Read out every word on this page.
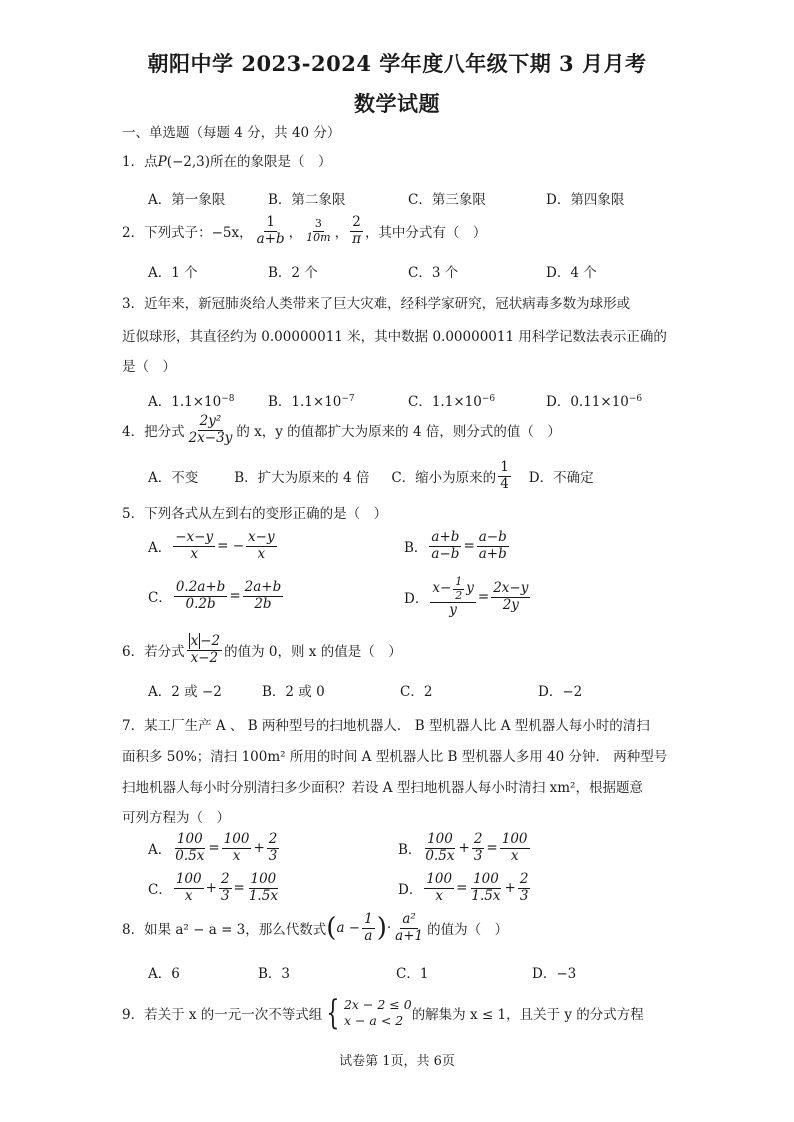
朝阳中学 2023-2024 学年度八年级下期 3 月月考
数学试题
一、单选题（每题 4 分，共 40 分）
1．点P(−2,3)所在的象限是（　）
A．第一象限	B．第二象限	C．第三象限	D．第四象限
2．下列式子：−5x， $\frac{1}{a+b}$ ， $\frac{3}{10m}$ ， $\frac{2}{\pi}$ ，其中分式有（　）
A．1 个	B．2 个	C．3 个	D．4 个
3．近年来，新冠肺炎给人类带来了巨大灾难，经科学家研究，冠状病毒多数为球形或
近似球形，其直径约为 0.00000011 米，其中数据 0.00000011 用科学记数法表示正确的
是（　）
A．$1.1\times 10^{-8}$ B．$1.1\times 10^{-7}$	C．$1.1\times 10^{-6}$	D．$0.11\times 10^{-6}$
4．把分式 $\frac{\text{2y²}}{2x-3y}$ 的 x，y 的值都扩大为原来的 4 倍，则分式的值（　）
A．不变	B．扩大为原来的 4 倍 C．缩小为原来的 $\frac{1}{4}$ D．不确定
5．下列各式从左到右的变形正确的是（　）
A． $\frac{-x-y}{x}$ = − $\frac{x-y}{x}$	B． $\frac{a+b}{a-b} = \frac{a-b}{a+b}$
C． $\frac{0.2a+b}{0.2b} = \frac{2a+b}{2b}$	D． $\frac{x- \frac{1}{2} y}{y} = \frac{2x-y}{2y}$
6．若分式 $\frac{x -2}{x-2}$ 的值为 0，则 x 的值是（　）
A．2 或 −2	B．2 或 0	C．2	D．−2
7．某工厂生产 A 、 B 两种型号的扫地机器人． B 型机器人比 A 型机器人每小时的清扫
面积多 50%；清扫 100m² 所用的时间 A 型机器人比 B 型机器人多用 40 分钟． 两种型号
扫地机器人每小时分别清扫多少面积？若设 A 型扫地机器人每小时清扫 xm²，根据题意
可列方程为（　）
A． $\frac{100}{0.5x} = \frac{100}{x} + \frac{2}{3}$	B． $\frac{100}{0.5x} + \frac{2}{3} = \frac{100}{x}$
C． $\frac{100}{x} + \frac{2}{3} = \frac{100}{1.5x}$	D． $\frac{100}{x} = \frac{100}{1.5x} + \frac{2}{3}$
8．如果 a² − a = 3，那么代数式 ( $a - \frac{1}{a}$ ) · $\frac{\text{a²}}{a+1}$ 的值为（　）
A．6	B．3	C．1	D．−3
9．若关于 x 的一元一次不等式组 { 2x − 2 ≤ 0
x − a < 2 的解集为 x ≤ 1，且关于 y 的分式方程
试卷第 1页，共 6页
